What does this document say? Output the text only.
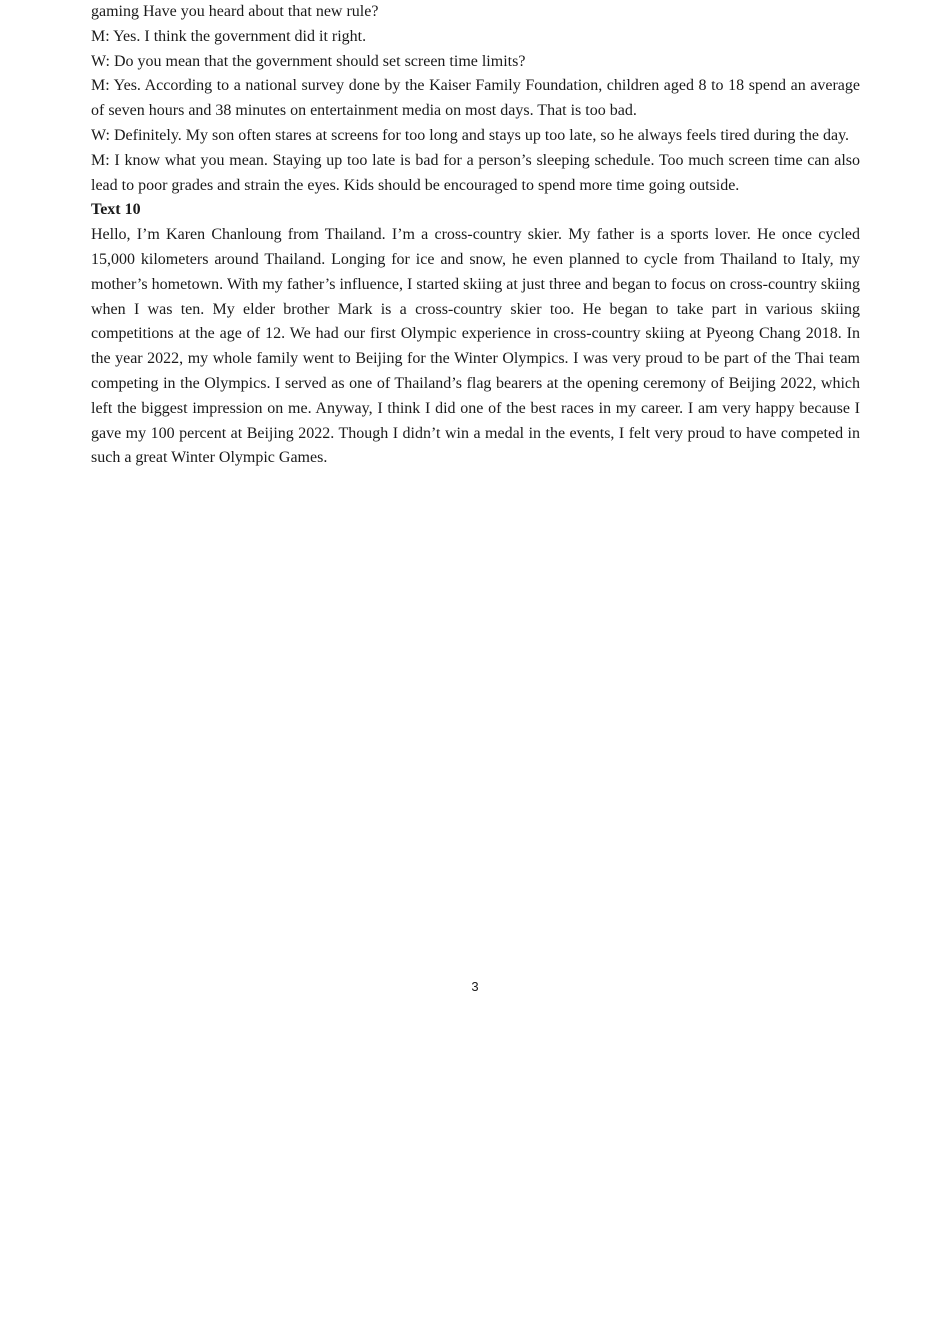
gaming Have you heard about that new rule?

M: Yes. I think the government did it right.

W: Do you mean that the government should set screen time limits?

M: Yes. According to a national survey done by the Kaiser Family Foundation, children aged 8 to 18 spend an average of seven hours and 38 minutes on entertainment media on most days. That is too bad.

W: Definitely. My son often stares at screens for too long and stays up too late, so he always feels tired during the day.

M: I know what you mean. Staying up too late is bad for a person’s sleeping schedule. Too much screen time can also lead to poor grades and strain the eyes. Kids should be encouraged to spend more time going outside.

Text 10

Hello, I’m Karen Chanloung from Thailand. I’m a cross-country skier. My father is a sports lover. He once cycled 15,000 kilometers around Thailand. Longing for ice and snow, he even planned to cycle from Thailand to Italy, my mother’s hometown. With my father’s influence, I started skiing at just three and began to focus on cross-country skiing when I was ten. My elder brother Mark is a cross-country skier too. He began to take part in various skiing competitions at the age of 12. We had our first Olympic experience in cross-country skiing at Pyeong Chang 2018. In the year 2022, my whole family went to Beijing for the Winter Olympics. I was very proud to be part of the Thai team competing in the Olympics. I served as one of Thailand’s flag bearers at the opening ceremony of Beijing 2022, which left the biggest impression on me. Anyway, I think I did one of the best races in my career. I am very happy because I gave my 100 percent at Beijing 2022. Though I didn’t win a medal in the events, I felt very proud to have competed in such a great Winter Olympic Games.

3
